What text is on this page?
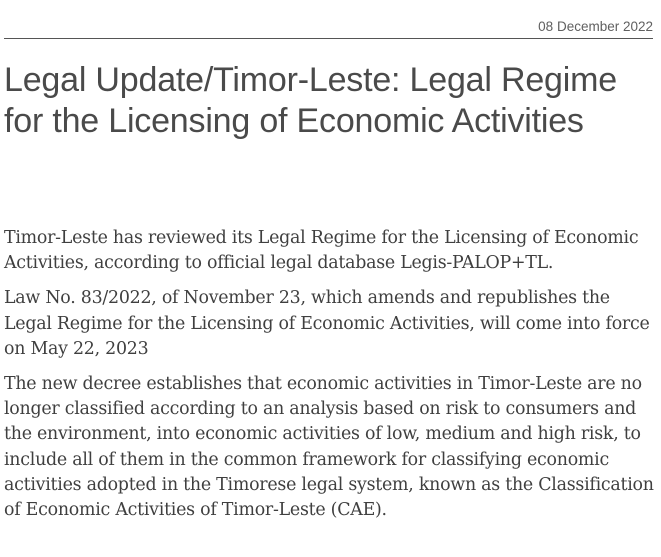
08 December 2022
Legal Update/Timor-Leste: Legal Regime for the Licensing of Economic Activities

Timor-Leste has reviewed its Legal Regime for the Licensing of Economic Activities, according to official legal database Legis-PALOP+TL.

Law No. 83/2022, of November 23, which amends and republishes the Legal Regime for the Licensing of Economic Activities, will come into force on May 22, 2023

The new decree establishes that economic activities in Timor-Leste are no longer classified according to an analysis based on risk to consumers and the environment, into economic activities of low, medium and high risk, to include all of them in the common framework for classifying economic activities adopted in the Timorese legal system, known as the Classification of Economic Activities of Timor-Leste (CAE).
